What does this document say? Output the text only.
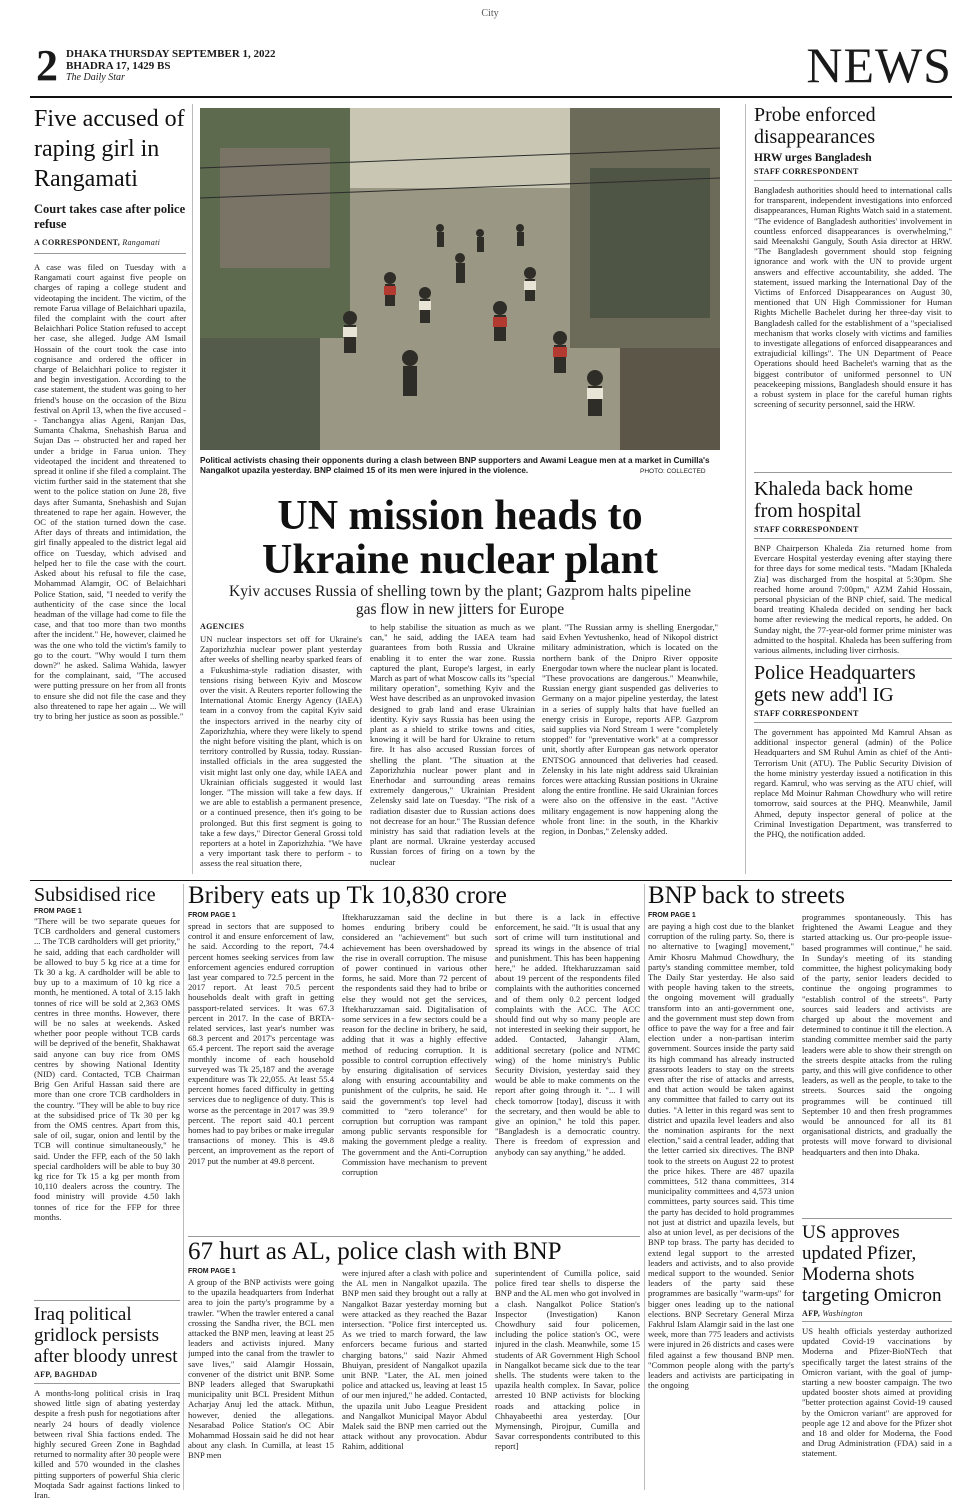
City
2 DHAKA THURSDAY SEPTEMBER 1, 2022
BHADRA 17, 1429 BS
The Daily Star	NEWS
Five accused of raping girl in Rangamati
Court takes case after police refuse
A CORRESPONDENT, Rangamati
A case was filed on Tuesday with a Rangamati court against five people on charges of raping a college student and videotaping the incident. The victim, of the remote Farua village of Belaichhari upazila, filed the complaint with the court after Belaichhari Police Station refused to accept her case, she alleged. Judge AM Ismail Hossain of the court took the case into cognisance and ordered the officer in charge of Belaichhari police to register it and begin investigation. According to the case statement, the student was going to her friend's house on the occasion of the Bizu festival on April 13, when the five accused -- Tanchangya alias Ageni, Ranjan Das, Sumanta Chakma, Snehashish Barua and Sujan Das -- obstructed her and raped her under a bridge in Farua union. They videotaped the incident and threatened to spread it online if she filed a complaint. The victim further said in the statement that she went to the police station on June 28, five days after Sumanta, Snehashish and Sujan threatened to rape her again. However, the OC of the station turned down the case. After days of threats and intimidation, the girl finally appealed to the district legal aid office on Tuesday, which advised and helped her to file the case with the court. Asked about his refusal to file the case, Mohammad Alamgir, OC of Belaichhari Police Station, said, "I needed to verify the authenticity of the case since the local headman of the village had come to file the case, and that too more than two months after the incident." He, however, claimed he was the one who told the victim's family to go to the court. "Why would I turn them down?" he asked. Salima Wahida, lawyer for the complainant, said, "The accused were putting pressure on her from all fronts to ensure she did not file the case and they also threatened to rape her again ... We will try to bring her justice as soon as possible."
Political activists chasing their opponents during a clash between BNP supporters and Awami League men at a market in Cumilla's Nangalkot upazila yesterday. BNP claimed 15 of its men were injured in the violence.	PHOTO: COLLECTED
UN mission heads to Ukraine nuclear plant
Kyiv accuses Russia of shelling town by the plant; Gazprom halts pipeline gas flow in new jitters for Europe
AGENCIES
UN nuclear inspectors set off for Ukraine's Zaporizhzhia nuclear power plant yesterday after weeks of shelling nearby sparked fears of a Fukushima-style radiation disaster, with tensions rising between Kyiv and Moscow over the visit. A Reuters reporter following the International Atomic Energy Agency (IAEA) team in a convoy from the capital Kyiv said the inspectors arrived in the nearby city of Zaporizhzhia, where they were likely to spend the night before visiting the plant, which is on territory controlled by Russia, today. Russian-installed officials in the area suggested the visit might last only one day, while IAEA and Ukrainian officials suggested it would last longer. "The mission will take a few days. If we are able to establish a permanent presence, or a continued presence, then it's going to be prolonged. But this first segment is going to take a few days," Director General Grossi told reporters at a hotel in Zaporizhzhia. "We have a very important task there to perform - to assess the real situation there,
to help stabilise the situation as much as we can," he said, adding the IAEA team had guarantees from both Russia and Ukraine enabling it to enter the war zone. Russia captured the plant, Europe's largest, in early March as part of what Moscow calls its "special military operation", something Kyiv and the West have described as an unprovoked invasion designed to grab land and erase Ukrainian identity. Kyiv says Russia has been using the plant as a shield to strike towns and cities, knowing it will be hard for Ukraine to return fire. It has also accused Russian forces of shelling the plant. "The situation at the Zaporizhzhia nuclear power plant and in Enerhodar and surrounding areas remains extremely dangerous," Ukrainian President Zelensky said late on Tuesday. "The risk of a radiation disaster due to Russian actions does not decrease for an hour." The Russian defence ministry has said that radiation levels at the plant are normal. Ukraine yesterday accused Russian forces of firing on a town by the nuclear
plant. "The Russian army is shelling Energodar," said Evhen Yevtushenko, head of Nikopol district military administration, which is located on the northern bank of the Dnipro River opposite Energodar town where the nuclear plant is located. "These provocations are dangerous." Meanwhile, Russian energy giant suspended gas deliveries to Germany on a major pipeline yesterday, the latest in a series of supply halts that have fuelled an energy crisis in Europe, reports AFP. Gazprom said supplies via Nord Stream 1 were "completely stopped" for "preventative work" at a compressor unit, shortly after European gas network operator ENTSOG announced that deliveries had ceased. Zelensky in his late night address said Ukrainian forces were attacking Russian positions in Ukraine along the entire frontline. He said Ukrainian forces were also on the offensive in the east. "Active military engagement is now happening along the whole front line: in the south, in the Kharkiv region, in Donbas," Zelensky added.
Probe enforced disappearances
HRW urges Bangladesh
STAFF CORRESPONDENT
Bangladesh authorities should heed to international calls for transparent, independent investigations into enforced disappearances, Human Rights Watch said in a statement. "The evidence of Bangladesh authorities' involvement in countless enforced disappearances is overwhelming," said Meenakshi Ganguly, South Asia director at HRW. "The Bangladesh government should stop feigning ignorance and work with the UN to provide urgent answers and effective accountability, she added. The statement, issued marking the International Day of the Victims of Enforced Disappearances on August 30, mentioned that UN High Commissioner for Human Rights Michelle Bachelet during her three-day visit to Bangladesh called for the establishment of a "specialised mechanism that works closely with victims and families to investigate allegations of enforced disappearances and extrajudicial killings". The UN Department of Peace Operations should heed Bachelet's warning that as the biggest contributor of uniformed personnel to UN peacekeeping missions, Bangladesh should ensure it has a robust system in place for the careful human rights screening of security personnel, said the HRW.
Khaleda back home from hospital
STAFF CORRESPONDENT
BNP Chairperson Khaleda Zia returned home from Evercare Hospital yesterday evening after staying there for three days for some medical tests. "Madam [Khaleda Zia] was discharged from the hospital at 5:30pm. She reached home around 7:00pm," AZM Zahid Hossain, personal physician of the BNP chief, said. The medical board treating Khaleda decided on sending her back home after reviewing the medical reports, he added. On Sunday night, the 77-year-old former prime minister was admitted to the hospital. Khaleda has been suffering from various ailments, including liver cirrhosis.
Police Headquarters gets new add'l IG
STAFF CORRESPONDENT
The government has appointed Md Kamrul Ahsan as additional inspector general (admin) of the Police Headquarters and SM Ruhul Amin as chief of the Anti-Terrorism Unit (ATU). The Public Security Division of the home ministry yesterday issued a notification in this regard. Kamrul, who was serving as the ATU chief, will replace Md Moinur Rahman Chowdhury who will retire tomorrow, said sources at the PHQ. Meanwhile, Jamil Ahmed, deputy inspector general of police at the Criminal Investigation Department, was transferred to the PHQ, the notification added.
Subsidised rice
FROM PAGE 1
"There will be two separate queues for TCB cardholders and general customers ... The TCB cardholders will get priority," he said, adding that each cardholder will be allowed to buy 5 kg rice at a time for Tk 30 a kg. A cardholder will be able to buy up to a maximum of 10 kg rice a month, he mentioned. A total of 3.15 lakh tonnes of rice will be sold at 2,363 OMS centres in three months. However, there will be no sales at weekends. Asked whether poor people without TCB cards will be deprived of the benefit, Shakhawat said anyone can buy rice from OMS centres by showing National Identity (NID) card. Contacted, TCB Chairman Brig Gen Ariful Hassan said there are more than one crore TCB cardholders in the country. "They will be able to buy rice at the subsidised price of Tk 30 per kg from the OMS centres. Apart from this, sale of oil, sugar, onion and lentil by the TCB will continue simultaneously," he said. Under the FFP, each of the 50 lakh special cardholders will be able to buy 30 kg rice for Tk 15 a kg per month from 10,110 dealers across the country. The food ministry will provide 4.50 lakh tonnes of rice for the FFP for three months.
Iraq political gridlock persists after bloody unrest
AFP, BAGHDAD
A months-long political crisis in Iraq showed little sign of abating yesterday despite a fresh push for negotiations after nearly 24 hours of deadly violence between rival Shia factions ended. The highly secured Green Zone in Baghdad returned to normality after 30 people were killed and 570 wounded in the clashes pitting supporters of powerful Shia cleric Moqtada Sadr against factions linked to Iran.
Bribery eats up Tk 10,830 crore
FROM PAGE 1
spread in sectors that are supposed to control it and ensure enforcement of law, he said. According to the report, 74.4 percent homes seeking services from law enforcement agencies endured corruption last year compared to 72.5 percent in the 2017 report. At least 70.5 percent households dealt with graft in getting passport-related services. It was 67.3 percent in 2017. In the case of BRTA-related services, last year's number was 68.3 percent and 2017's percentage was 65.4 percent. The report said the average monthly income of each household surveyed was Tk 25,187 and the average expenditure was Tk 22,055. At least 55.4 percent homes faced difficulty in getting services due to negligence of duty. This is worse as the percentage in 2017 was 39.9 percent. The report said 40.1 percent homes had to pay bribes or make irregular transactions of money. This is 49.8 percent, an improvement as the report of 2017 put the number at 49.8 percent.
Iftekharuzzaman said the decline in homes enduring bribery could be considered an "achievement" but such achievement has been overshadowed by the rise in overall corruption. The misuse of power continued in various other forms, he said. More than 72 percent of the respondents said they had to bribe or else they would not get the services, Iftekharuzzaman said. Digitalisation of some services in a few sectors could be a reason for the decline in bribery, he said, adding that it was a highly effective method of reducing corruption. It is possible to control corruption effectively by ensuring digitalisation of services along with ensuring accountability and punishment of the culprits, he said. He said the government's top level had committed to "zero tolerance" for corruption but corruption was rampant among public servants responsible for making the government pledge a reality. The government and the Anti-Corruption Commission have mechanism to prevent corruption
but there is a lack in effective enforcement, he said. "It is usual that any sort of crime will turn institutional and spread its wings in the absence of trial and punishment. This has been happening here," he added. Iftekharuzzaman said about 19 percent of the respondents filed complaints with the authorities concerned and of them only 0.2 percent lodged complaints with the ACC. The ACC should find out why so many people are not interested in seeking their support, he added. Contacted, Jahangir Alam, additional secretary (police and NTMC wing) of the home ministry's Public Security Division, yesterday said they would be able to make comments on the report after going through it. "... I will check tomorrow [today], discuss it with the secretary, and then would be able to give an opinion," he told this paper. "Bangladesh is a democratic country. There is freedom of expression and anybody can say anything," he added.
67 hurt as AL, police clash with BNP
FROM PAGE 1
A group of the BNP activists were going to the upazila headquarters from Inderhat area to join the party's programme by a trawler. "When the trawler entered a canal crossing the Sandha river, the BCL men attacked the BNP men, leaving at least 25 leaders and activists injured. Many jumped into the canal from the trawler to save lives," said Alamgir Hossain, convener of the district unit BNP. Some BNP leaders alleged that Swarupkathi municipality unit BCL President Mithun Acharjay Anuj led the attack. Mithun, however, denied the allegations. Nesarabad Police Station's OC Abir Mohammad Hossain said he did not hear about any clash. In Cumilla, at least 15 BNP men
were injured after a clash with police and the AL men in Nangalkot upazila. The BNP men said they brought out a rally at Nangalkot Bazar yesterday morning but were attacked as they reached the Bazar intersection. "Police first intercepted us. As we tried to march forward, the law enforcers became furious and started charging batons," said Nazir Ahmed Bhuiyan, president of Nangalkot upazila unit BNP. "Later, the AL men joined police and attacked us, leaving at least 15 of our men injured," he added. Contacted, the upazila unit Jubo League President and Nangalkot Municipal Mayor Abdul Malek said the BNP men carried out the attack without any provocation. Abdur Rahim, additional
superintendent of Cumilla police, said police fired tear shells to disperse the BNP and the AL men who got involved in a clash. Nangalkot Police Station's Inspector (Investigation) Kanon Chowdhury said four policemen, including the police station's OC, were injured in the clash. Meanwhile, some 15 students of AR Government High School in Nangalkot became sick due to the tear shells. The students were taken to the upazila health complex. In Savar, police arrested 10 BNP activists for blocking roads and attacking police in Chhayabeethi area yesterday. [Our Mymensingh, Pirojpur, Cumilla and Savar correspondents contributed to this report]
BNP back to streets
FROM PAGE 1
are paying a high cost due to the blanket corruption of the ruling party. So, there is no alternative to [waging] movement," Amir Khosru Mahmud Chowdhury, the party's standing committee member, told The Daily Star yesterday. He also said with people having taken to the streets, the ongoing movement will gradually transform into an anti-government one, and the government must step down from office to pave the way for a free and fair election under a non-partisan interim government. Sources inside the party said its high command has already instructed grassroots leaders to stay on the streets even after the rise of attacks and arrests, and that action would be taken against any committee that failed to carry out its duties. "A letter in this regard was sent to district and upazila level leaders and also the nomination aspirants for the next election," said a central leader, adding that the letter carried six directives. The BNP took to the streets on August 22 to protest the price hikes. There are 487 upazila committees, 512 thana committees, 314 municipality committees and 4,573 union committees, party sources said. This time the party has decided to hold programmes not just at district and upazila levels, but also at union level, as per decisions of the BNP top brass. The party has decided to extend legal support to the arrested leaders and activists, and to also provide medical support to the wounded. Senior leaders of the party said these programmes are basically "warm-ups" for bigger ones leading up to the national elections. BNP Secretary General Mirza Fakhrul Islam Alamgir said in the last one week, more than 775 leaders and activists were injured in 26 districts and cases were filed against a few thousand BNP men. "Common people along with the party's leaders and activists are participating in the ongoing
programmes spontaneously. This has frightened the Awami League and they started attacking us. Our pro-people issue-based programmes will continue," he said. In Sunday's meeting of its standing committee, the highest policymaking body of the party, senior leaders decided to continue the ongoing programmes to "establish control of the streets". Party sources said leaders and activists are charged up about the movement and determined to continue it till the election. A standing committee member said the party leaders were able to show their strength on the streets despite attacks from the ruling party, and this will give confidence to other leaders, as well as the people, to take to the streets. Sources said the ongoing programmes will be continued till September 10 and then fresh programmes would be announced for all its 81 organisational districts, and gradually the protests will move forward to divisional headquarters and then into Dhaka.
US approves updated Pfizer, Moderna shots targeting Omicron
AFP, Washington
US health officials yesterday authorized updated Covid-19 vaccinations by Moderna and Pfizer-BioNTech that specifically target the latest strains of the Omicron variant, with the goal of jump-starting a new booster campaign. The two updated booster shots aimed at providing "better protection against Covid-19 caused by the Omicron variant" are approved for people age 12 and above for the Pfizer shot and 18 and older for Moderna, the Food and Drug Administration (FDA) said in a statement.
